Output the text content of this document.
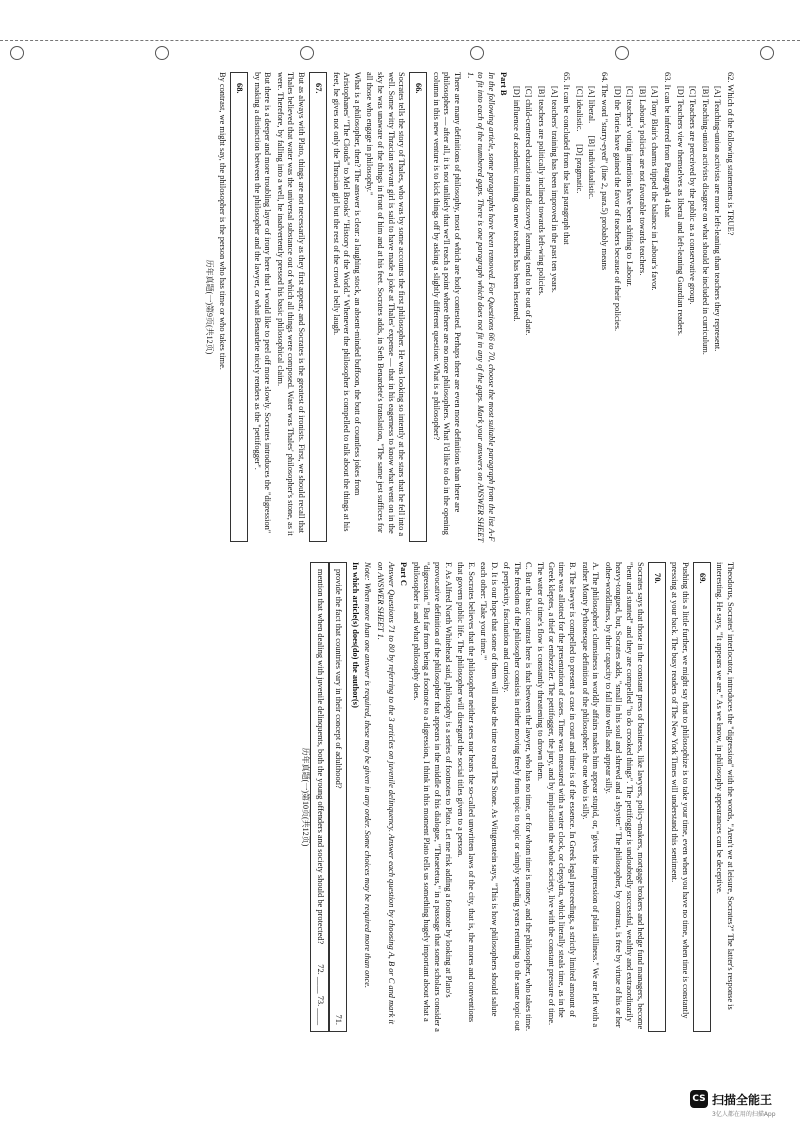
62. Which of the following statements is TRUE?

[A] Teaching-union activists are more left-leaning than teachers they represent.

[B] Teaching-union activists disagree on what should be included in curriculum.

[C] Teachers are perceived by the public as a conservative group.

[D] Teachers view themselves as liberal and left-leaning Guardian readers.

63. It can be inferred from Paragraph 4 that

[A] Tony Blair's charms tipped the balance in Labour's favor.

[B] Labour's policies are not favorable towards teachers.

[C] teachers' voting intentions have been shifting to Labour.

[D] the Tories have gained the favor of teachers because of their policies.

64. The word "starry-eyed" (line 2, para.5) probably means

[A] liberal.      [B] individualistic.

[C] idealistic.      [D] pragmatic.

65. It can be concluded from the last paragraph that

[A] teachers' training has been improved in the past ten years.

[B] teachers are politically inclined towards left-wing policies.

[C] child-centered education and discovery learning tend to be out of date.

[D] influence of academic training on new teachers has been lessened.

Part B

In the following article, some paragraphs have been removed. For Questions 66 to 70, choose the most suitable paragraph from the list A-F to fit into each of the numbered gaps. There is one paragraph which does not fit in any of the gaps. Mark your answers on ANSWER SHEET 1.

There are many definitions of philosophy, most of which are hotly contested. Perhaps there are even more definitions than there are philosophers — after all, it is not unlikely that we'll reach a point where there are no more philosophers. What I'd like to do in the opening column in this new venture is to kick things off by asking a slightly different question: What is a philosopher?

66.

Socrates tells the story of Thales, who was by some accounts the first philosopher. He was looking so intently at the stars that he fell into a well. Some witty Thracian servant girl is said to have made a joke at Thales' expense — that in his eagerness to know what went on in the sky he was unaware of the things in front of him and at his feet. Socrates adds, in Seth Benardete's translation, "The same jest suffices for all those who engage in philosophy."

What is a philosopher, then? The answer is clear: a laughing stock, an absent-minded buffoon, the butt of countless jokes from Aristophanes' "The Clouds" to Mel Brooks' "History of the World." Whenever the philosopher is compelled to talk about the things at his feet, he gives not only the Thracian girl but the rest of the crowd a belly laugh.

67.

But as always with Plato, things are not necessarily as they first appear, and Socrates is the greatest of ironists. First, we should recall that Thales believed that water was the universal substance out of which all things were composed. Water was Thales' philosopher's stone, as it were. Therefore, by falling into a well, he inadvertently pressed his basic philosophical claim.

But there is a deeper and more troubling layer of irony here that I would like to peel off more slowly. Socrates introduces the "digression" by making a distinction between the philosopher and the lawyer, or what Benardete nicely renders as the "pettifogger".

68.

By contrast, we might say, the philosopher is the person who has time or who takes time.

历年真题(一)第9页(共12页)

Theodorus, Socrates' interlocutor, introduces the "digression" with the words, "Aren't we at leisure, Socrates?" The latter's response is interesting. He says, "It appears we are." As we know, in philosophy appearances can be deceptive.

69.

Pushing this a little further, we might say that to philosophize is to take your time, even when you have no time, when time is constantly pressing at your back. The busy readers of The New York Times will understand this sentiment.

70.

Socrates says that those in the constant press of business, like lawyers, policy-makers, mortgage brokers and hedge fund managers, become "bent and stunted" and they are compelled "to do crooked things". The pettifogger is undoubtedly successful, wealthy and extraordinarily heavy-tongued, but, Socrates adds, "small in his soul and shrewd and a shyster." The philosopher, by contrast, is free by virtue of his or her other-worldliness, by their capacity to fall into wells and appear silly.

A. The philosopher's clumsiness in worldly affairs makes him appear stupid, or, "gives the impression of plain silliness." We are left with a rather Monty Pythonesque definition of the philosopher: the one who is silly.

B. The lawyer is compelled to present a case in court and time is of the essence. In Greek legal proceedings, a strictly limited amount of time was allotted for the presentation of cases. Time was measured with a water clock, or clepsydra, which literally steals time, as in the Greek kleptes, a thief or embezzler. The pettifogger, the jury, and by implication the whole society, live with the constant pressure of time. The water of time's flow is constantly threatening to drown them.

C. But the basic contrast here is that between the lawyer, who has no time, or for whom time is money, and the philosopher, who takes time. The freedom of the philosopher consists in either moving freely from topic to topic or simply spending years returning to the same topic out of perplexity, fascination and curiosity.

D. It is our hope that some of them will make the time to read The Stone. As Wittgenstein says, "This is how philosophers should salute each other: 'Take your time.'"

E. Socrates believes that the philosopher neither sees nor hears the so-called unwritten laws of the city, that is, the mores and conventions that govern public life. The philosopher will disregard the social titles given to a person.

F. As Alfred North Whitehead said, philosophy is a series of footnotes to Plato. Let me risk adding a footnote by looking at Plato's provocative definition of the philosopher that appears in the middle of his dialogue, "Theaetetus," in a passage that some scholars consider a "digression." But far from being a footnote to a digression, I think in this moment Plato tells us something hugely important about what a philosopher is and what philosophy does.

Part C

Answer Questions 71 to 80 by referring to the 3 articles on juvenile delinquency. Answer each question by choosing A, B or C and mark it on ANSWER SHEET 1.

Note: When more than one answer is required, these may be given in any order. Some choices may be required more than once.

In which article(s) does(do) the author(s)

provide the fact that countries vary in their concept of adulthood?
71.
mention that when dealing with juvenile delinquents, both the young offenders and society should be protected?
72. ____ 73. ____

历年真题(一)第10页(共12页)

CS 扫描全能王
3亿人都在用的扫描App
